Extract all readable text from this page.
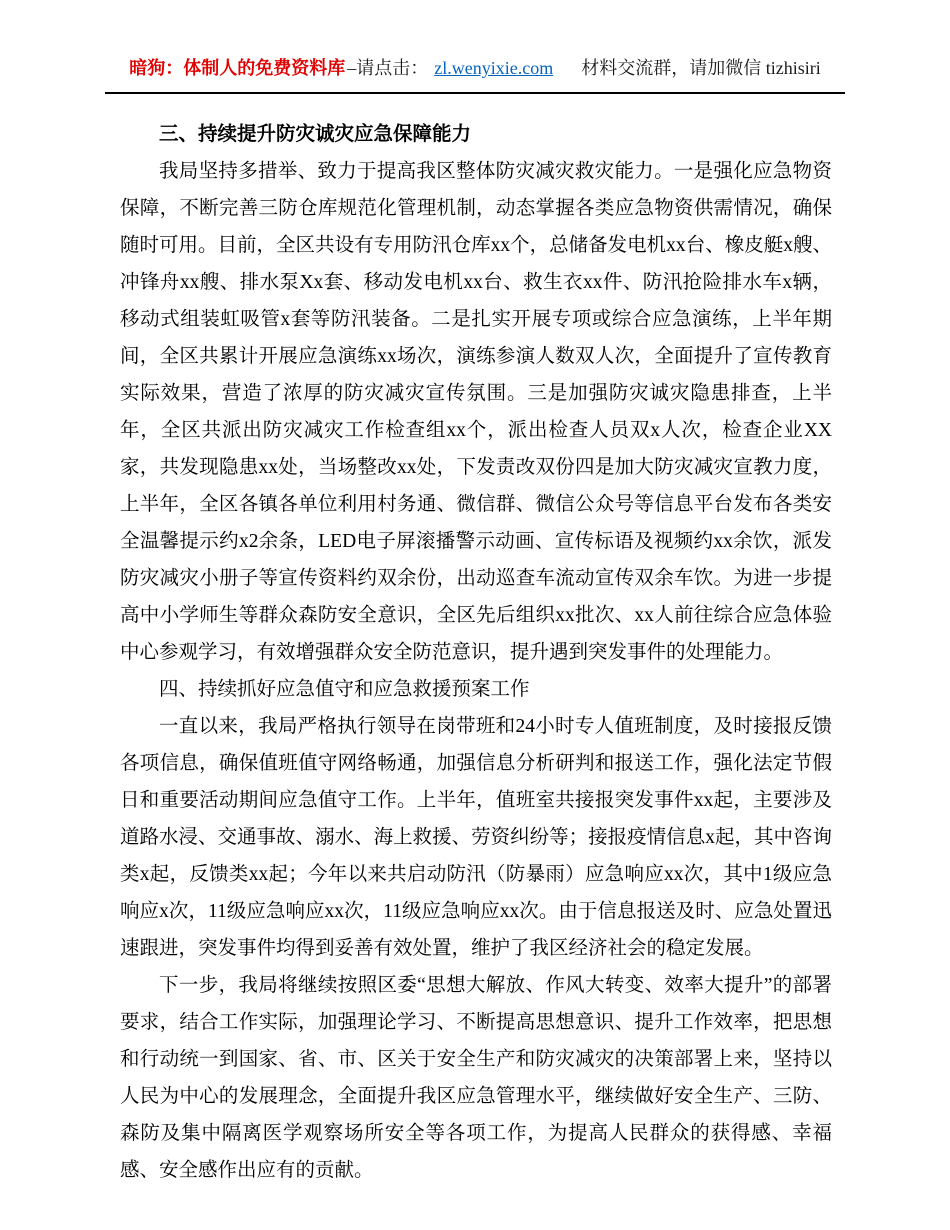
暗狗：体制人的免费资料库 –请点击： zl.wenyixie.com 材料交流群，请加微信 tizhisiri

三、持续提升防灾诚灾应急保障能力

我局坚持多措举、致力于提高我区整体防灾减灾救灾能力。一是强化应急物资保障，不断完善三防仓库规范化管理机制，动态掌握各类应急物资供需情况，确保随时可用。目前，全区共设有专用防汛仓库xx个，总储备发电机xx台、橡皮艇x艘、冲锋舟xx艘、排水泵Xx套、移动发电机xx台、救生衣xx件、防汛抢险排水车x辆，移动式组装虹吸管x套等防汛装备。二是扎实开展专项或综合应急演练，上半年期间，全区共累计开展应急演练xx场次，演练参演人数双人次，全面提升了宣传教育实际效果，营造了浓厚的防灾减灾宣传氛围。三是加强防灾诚灾隐患排查，上半年，全区共派出防灾减灾工作检查组xx个，派出检查人员双x人次，检查企业XX家，共发现隐患xx处，当场整改xx处，下发责改双份四是加大防灾减灾宣教力度，上半年，全区各镇各单位利用村务通、微信群、微信公众号等信息平台发布各类安全温馨提示约x2余条，LED电子屏滚播警示动画、宣传标语及视频约xx余饮，派发防灾减灾小册子等宣传资料约双余份，出动巡查车流动宣传双余车饮。为进一步提高中小学师生等群众森防安全意识，全区先后组织xx批次、xx人前往综合应急体验中心参观学习，有效增强群众安全防范意识，提升遇到突发事件的处理能力。

四、持续抓好应急值守和应急救援预案工作

一直以来，我局严格执行领导在岗带班和24小时专人值班制度，及时接报反馈各项信息，确保值班值守网络畅通，加强信息分析研判和报送工作，强化法定节假日和重要活动期间应急值守工作。上半年，值班室共接报突发事件xx起，主要涉及道路水浸、交通事故、溺水、海上救援、劳资纠纷等；接报疫情信息x起，其中咨询类x起，反馈类xx起；今年以来共启动防汛（防暴雨）应急响应xx次，其中1级应急响应x次，11级应急响应xx次，11级应急响应xx次。由于信息报送及时、应急处置迅速跟进，突发事件均得到妥善有效处置，维护了我区经济社会的稳定发展。

下一步，我局将继续按照区委“思想大解放、作风大转变、效率大提升”的部署要求，结合工作实际，加强理论学习、不断提高思想意识、提升工作效率，把思想和行动统一到国家、省、市、区关于安全生产和防灾减灾的决策部署上来，坚持以人民为中心的发展理念，全面提升我区应急管理水平，继续做好安全生产、三防、森防及集中隔离医学观察场所安全等各项工作，为提高人民群众的获得感、幸福感、安全感作出应有的贡献。
